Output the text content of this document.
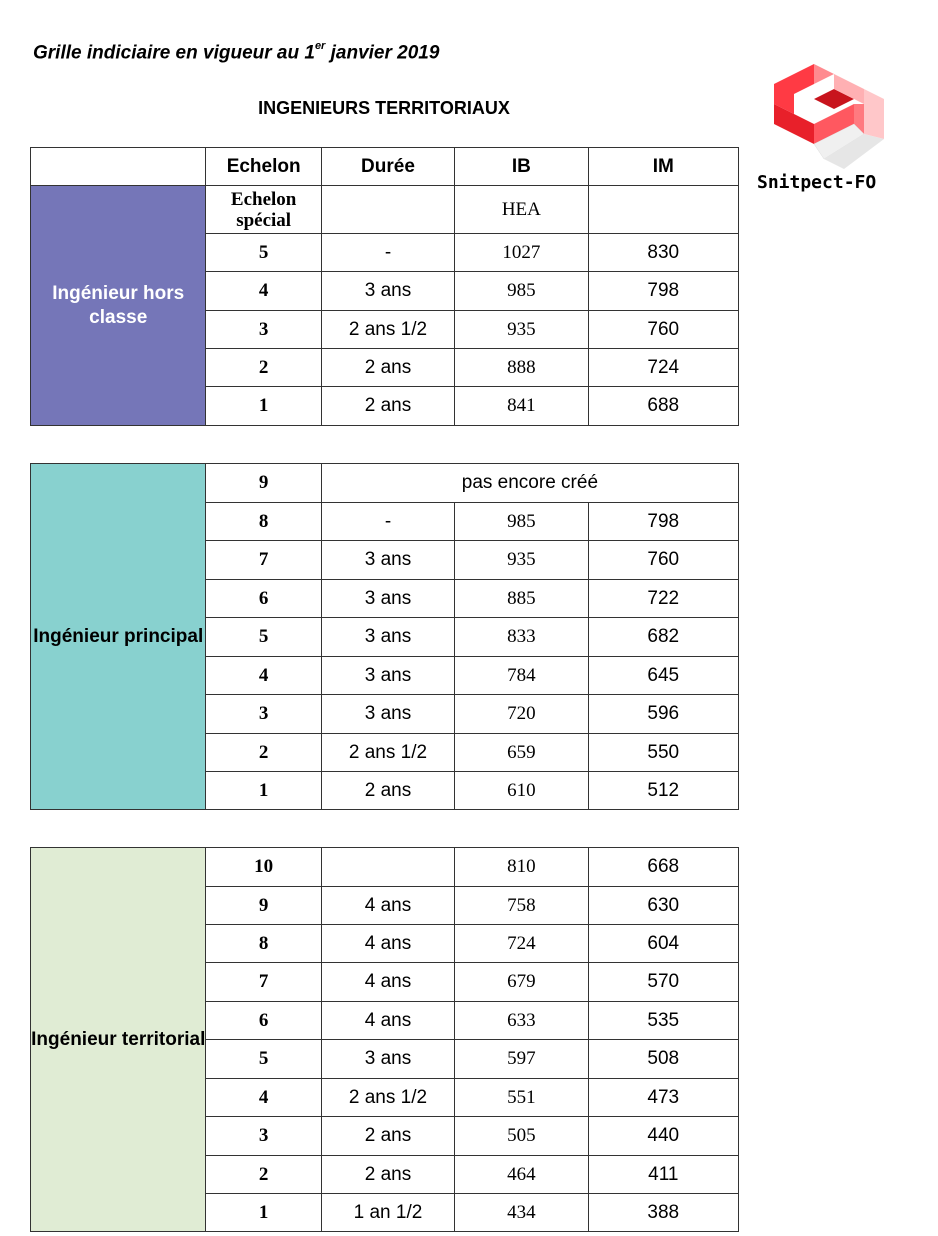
Grille indiciaire en vigueur au 1er janvier 2019
INGENIEURS TERRITORIAUX
Snitpect-FO
	Echelon	Durée	IB	IM
Ingénieur hors classe	Echelon spécial		HEA	
	5	-	1027	830
	4	3 ans	985	798
	3	2 ans 1/2	935	760
	2	2 ans	888	724
	1	2 ans	841	688
Ingénieur principal	9	pas encore créé		
	8	-	985	798
	7	3 ans	935	760
	6	3 ans	885	722
	5	3 ans	833	682
	4	3 ans	784	645
	3	3 ans	720	596
	2	2 ans 1/2	659	550
	1	2 ans	610	512
Ingénieur territorial	10		810	668
	9	4 ans	758	630
	8	4 ans	724	604
	7	4 ans	679	570
	6	4 ans	633	535
	5	3 ans	597	508
	4	2 ans 1/2	551	473
	3	2 ans	505	440
	2	2 ans	464	411
	1	1 an 1/2	434	388
